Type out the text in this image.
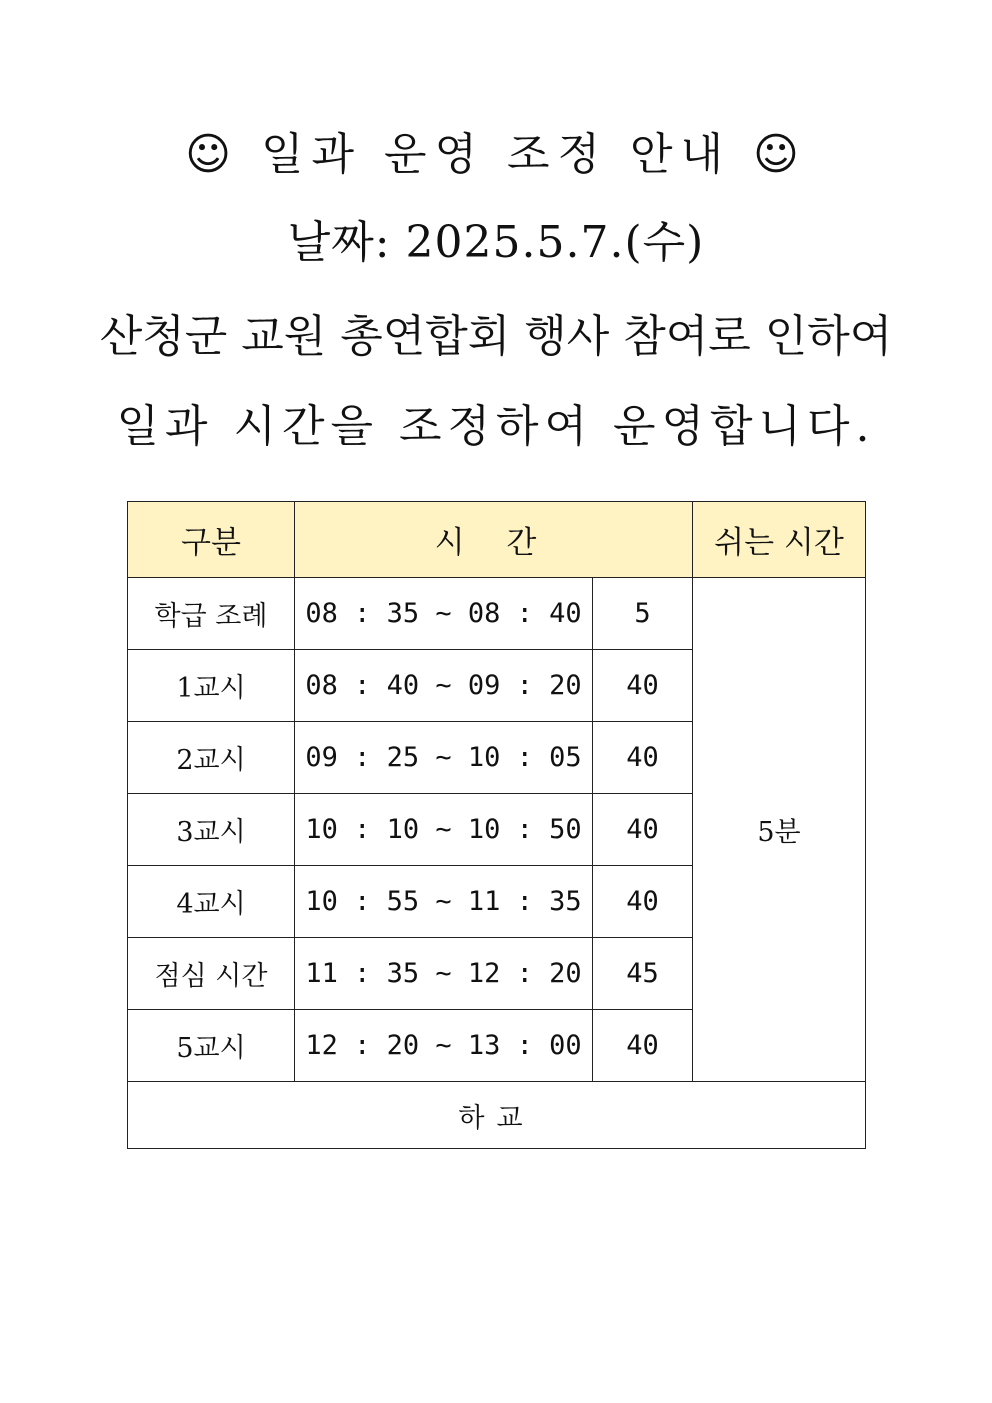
☺ 일과 운영 조정 안내 ☺
날짜: 2025.5.7.(수)
산청군 교원 총연합회 행사 참여로 인하여
일과 시간을 조정하여 운영합니다.
구분	시 간		쉬는 시간
학급 조례	08 : 35 ~ 08 : 40	5	5분
1교시	08 : 40 ~ 09 : 20	40	
2교시	09 : 25 ~ 10 : 05	40	
3교시	10 : 10 ~ 10 : 50	40	
4교시	10 : 55 ~ 11 : 35	40	
점심 시간	11 : 35 ~ 12 : 20	45	
5교시	12 : 20 ~ 13 : 00	40	
하교			
